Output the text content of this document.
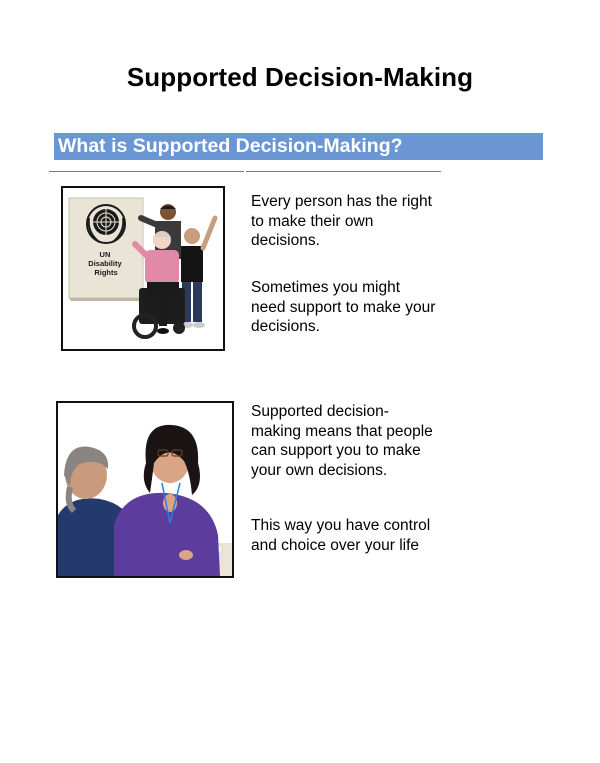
Supported Decision-Making
What is Supported Decision-Making?
UN Disability Rights
Every person has the right to make their own decisions.
Sometimes you might need support to make your decisions.
Supported decision-making means that people can support you to make your own decisions.
This way you have control and choice over your life
